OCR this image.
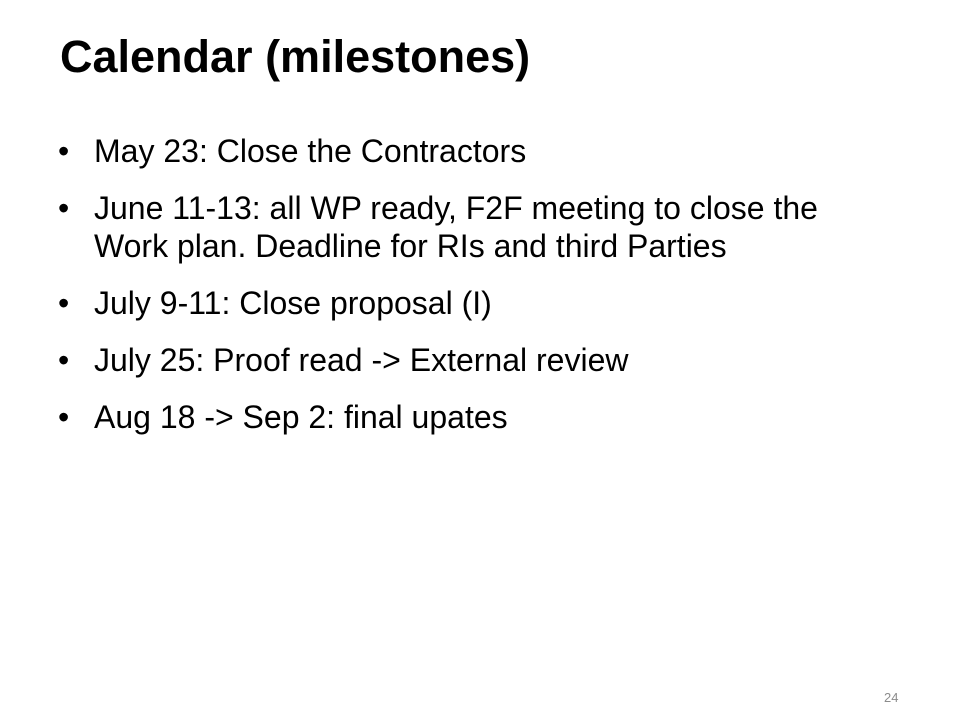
Calendar (milestones)
• May 23: Close the Contractors
• June 11-13: all WP ready, F2F meeting to close the Work plan. Deadline for RIs and third Parties
• July 9-11: Close proposal (I)
• July 25: Proof read -> External review
• Aug 18 -> Sep 2: final upates
24
